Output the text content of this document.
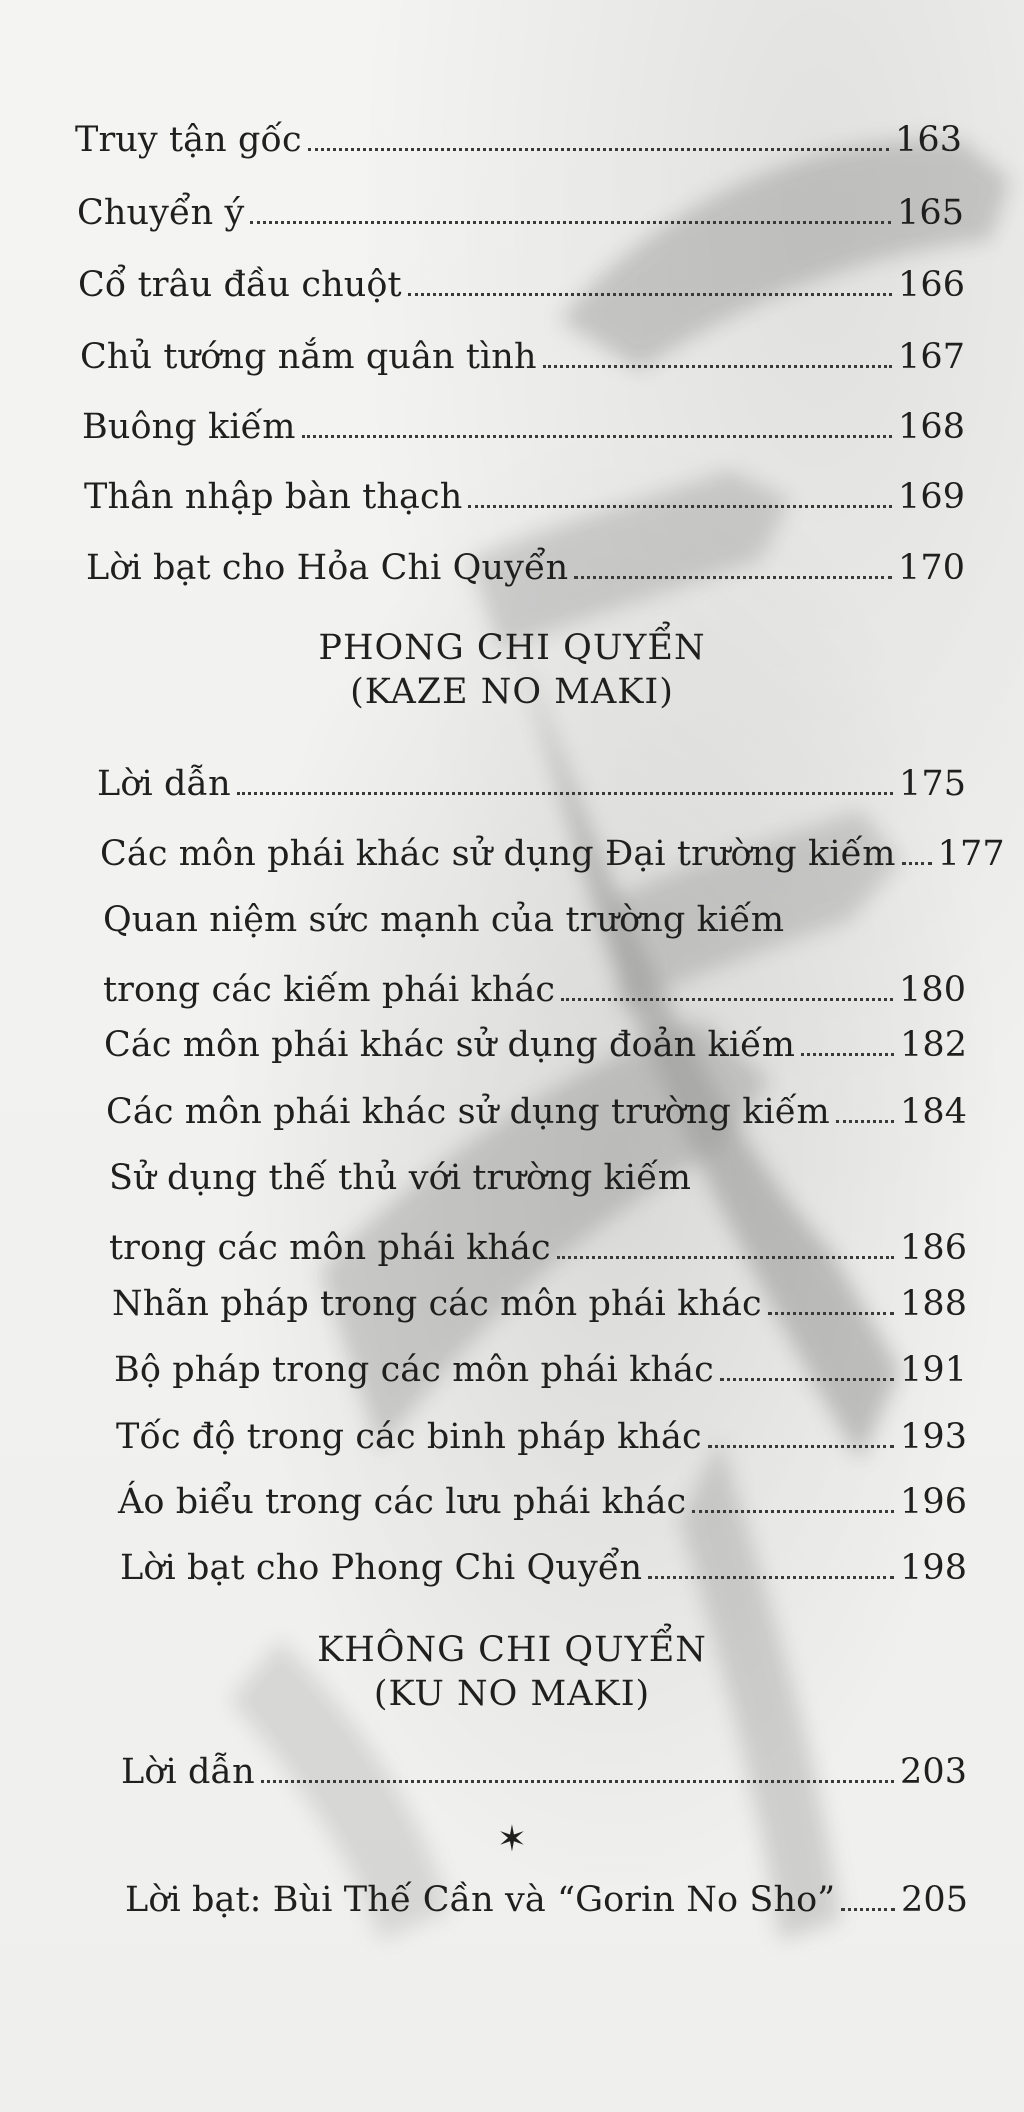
Truy tận gốc	163
Chuyển ý	165
Cổ trâu đầu chuột	166
Chủ tướng nắm quân tình	167
Buông kiếm	168
Thân nhập bàn thạch	169
Lời bạt cho Hỏa Chi Quyển	170
PHONG CHI QUYỂN
(KAZE NO MAKI)
Lời dẫn	175
Các môn phái khác sử dụng Đại trường kiếm 177
Quan niệm sức mạnh của trường kiếm
trong các kiếm phái khác	180
Các môn phái khác sử dụng đoản kiếm	182
Các môn phái khác sử dụng trường kiếm 184
Sử dụng thế thủ với trường kiếm
trong các môn phái khác	186
Nhãn pháp trong các môn phái khác	188
Bộ pháp trong các môn phái khác	191
Tốc độ trong các binh pháp khác	193
Áo biểu trong các lưu phái khác	196
Lời bạt cho Phong Chi Quyển	198
KHÔNG CHI QUYỂN
(KU NO MAKI)
Lời dẫn	203
✶
Lời bạt: Bùi Thế Cần và “Gorin No Sho” 205
